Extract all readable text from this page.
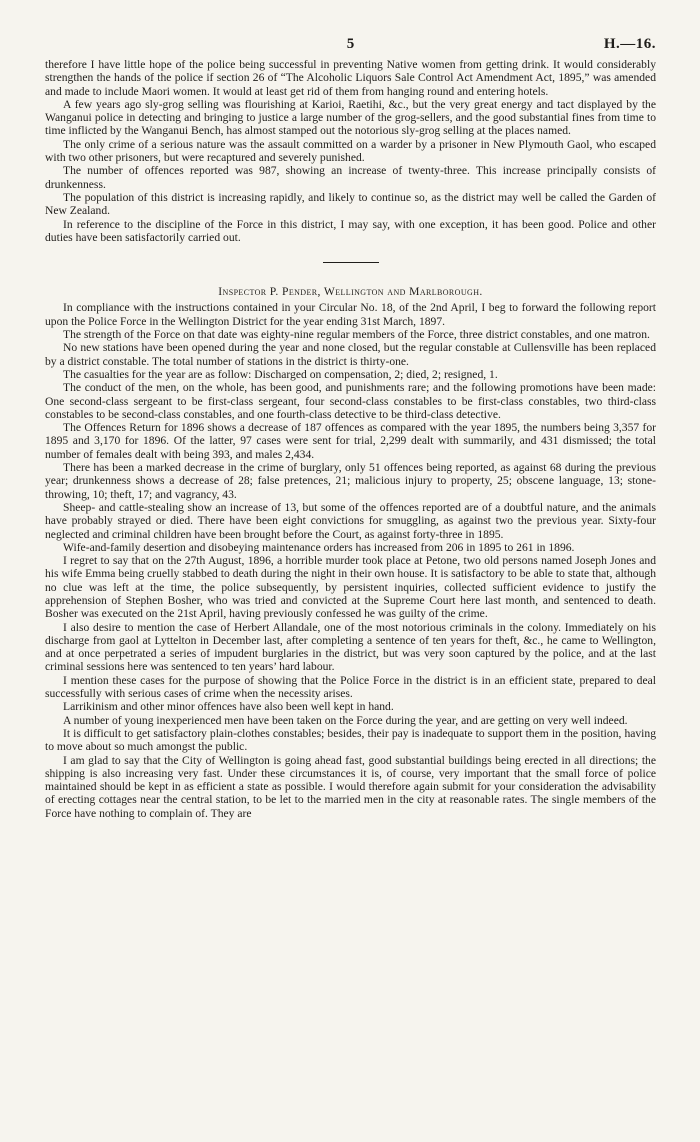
5	H.—16.

therefore I have little hope of the police being successful in preventing Native women from getting drink. It would considerably strengthen the hands of the police if section 26 of “The Alcoholic Liquors Sale Control Act Amendment Act, 1895,” was amended and made to include Maori women. It would at least get rid of them from hanging round and entering hotels.

A few years ago sly-grog selling was flourishing at Karioi, Raetihi, &c., but the very great energy and tact displayed by the Wanganui police in detecting and bringing to justice a large number of the grog-sellers, and the good substantial fines from time to time inflicted by the Wanganui Bench, has almost stamped out the notorious sly-grog selling at the places named.

The only crime of a serious nature was the assault committed on a warder by a prisoner in New Plymouth Gaol, who escaped with two other prisoners, but were recaptured and severely punished.

The number of offences reported was 987, showing an increase of twenty-three. This increase principally consists of drunkenness.

The population of this district is increasing rapidly, and likely to continue so, as the district may well be called the Garden of New Zealand.

In reference to the discipline of the Force in this district, I may say, with one exception, it has been good. Police and other duties have been satisfactorily carried out.

Inspector P. Pender, Wellington and Marlborough.

In compliance with the instructions contained in your Circular No. 18, of the 2nd April, I beg to forward the following report upon the Police Force in the Wellington District for the year ending 31st March, 1897.

The strength of the Force on that date was eighty-nine regular members of the Force, three district constables, and one matron.

No new stations have been opened during the year and none closed, but the regular constable at Cullensville has been replaced by a district constable. The total number of stations in the district is thirty-one.

The casualties for the year are as follow: Discharged on compensation, 2; died, 2; resigned, 1.

The conduct of the men, on the whole, has been good, and punishments rare; and the following promotions have been made: One second-class sergeant to be first-class sergeant, four second-class constables to be first-class constables, two third-class constables to be second-class constables, and one fourth-class detective to be third-class detective.

The Offences Return for 1896 shows a decrease of 187 offences as compared with the year 1895, the numbers being 3,357 for 1895 and 3,170 for 1896. Of the latter, 97 cases were sent for trial, 2,299 dealt with summarily, and 431 dismissed; the total number of females dealt with being 393, and males 2,434.

There has been a marked decrease in the crime of burglary, only 51 offences being reported, as against 68 during the previous year; drunkenness shows a decrease of 28; false pretences, 21; malicious injury to property, 25; obscene language, 13; stone-throwing, 10; theft, 17; and vagrancy, 43.

Sheep- and cattle-stealing show an increase of 13, but some of the offences reported are of a doubtful nature, and the animals have probably strayed or died. There have been eight convictions for smuggling, as against two the previous year. Sixty-four neglected and criminal children have been brought before the Court, as against forty-three in 1895.

Wife-and-family desertion and disobeying maintenance orders has increased from 206 in 1895 to 261 in 1896.

I regret to say that on the 27th August, 1896, a horrible murder took place at Petone, two old persons named Joseph Jones and his wife Emma being cruelly stabbed to death during the night in their own house. It is satisfactory to be able to state that, although no clue was left at the time, the police subsequently, by persistent inquiries, collected sufficient evidence to justify the apprehension of Stephen Bosher, who was tried and convicted at the Supreme Court here last month, and sentenced to death. Bosher was executed on the 21st April, having previously confessed he was guilty of the crime.

I also desire to mention the case of Herbert Allandale, one of the most notorious criminals in the colony. Immediately on his discharge from gaol at Lyttelton in December last, after completing a sentence of ten years for theft, &c., he came to Wellington, and at once perpetrated a series of impudent burglaries in the district, but was very soon captured by the police, and at the last criminal sessions here was sentenced to ten years’ hard labour.

I mention these cases for the purpose of showing that the Police Force in the district is in an efficient state, prepared to deal successfully with serious cases of crime when the necessity arises.

Larrikinism and other minor offences have also been well kept in hand.

A number of young inexperienced men have been taken on the Force during the year, and are getting on very well indeed.

It is difficult to get satisfactory plain-clothes constables; besides, their pay is inadequate to support them in the position, having to move about so much amongst the public.

I am glad to say that the City of Wellington is going ahead fast, good substantial buildings being erected in all directions; the shipping is also increasing very fast. Under these circumstances it is, of course, very important that the small force of police maintained should be kept in as efficient a state as possible. I would therefore again submit for your consideration the advisability of erecting cottages near the central station, to be let to the married men in the city at reasonable rates. The single members of the Force have nothing to complain of. They are
